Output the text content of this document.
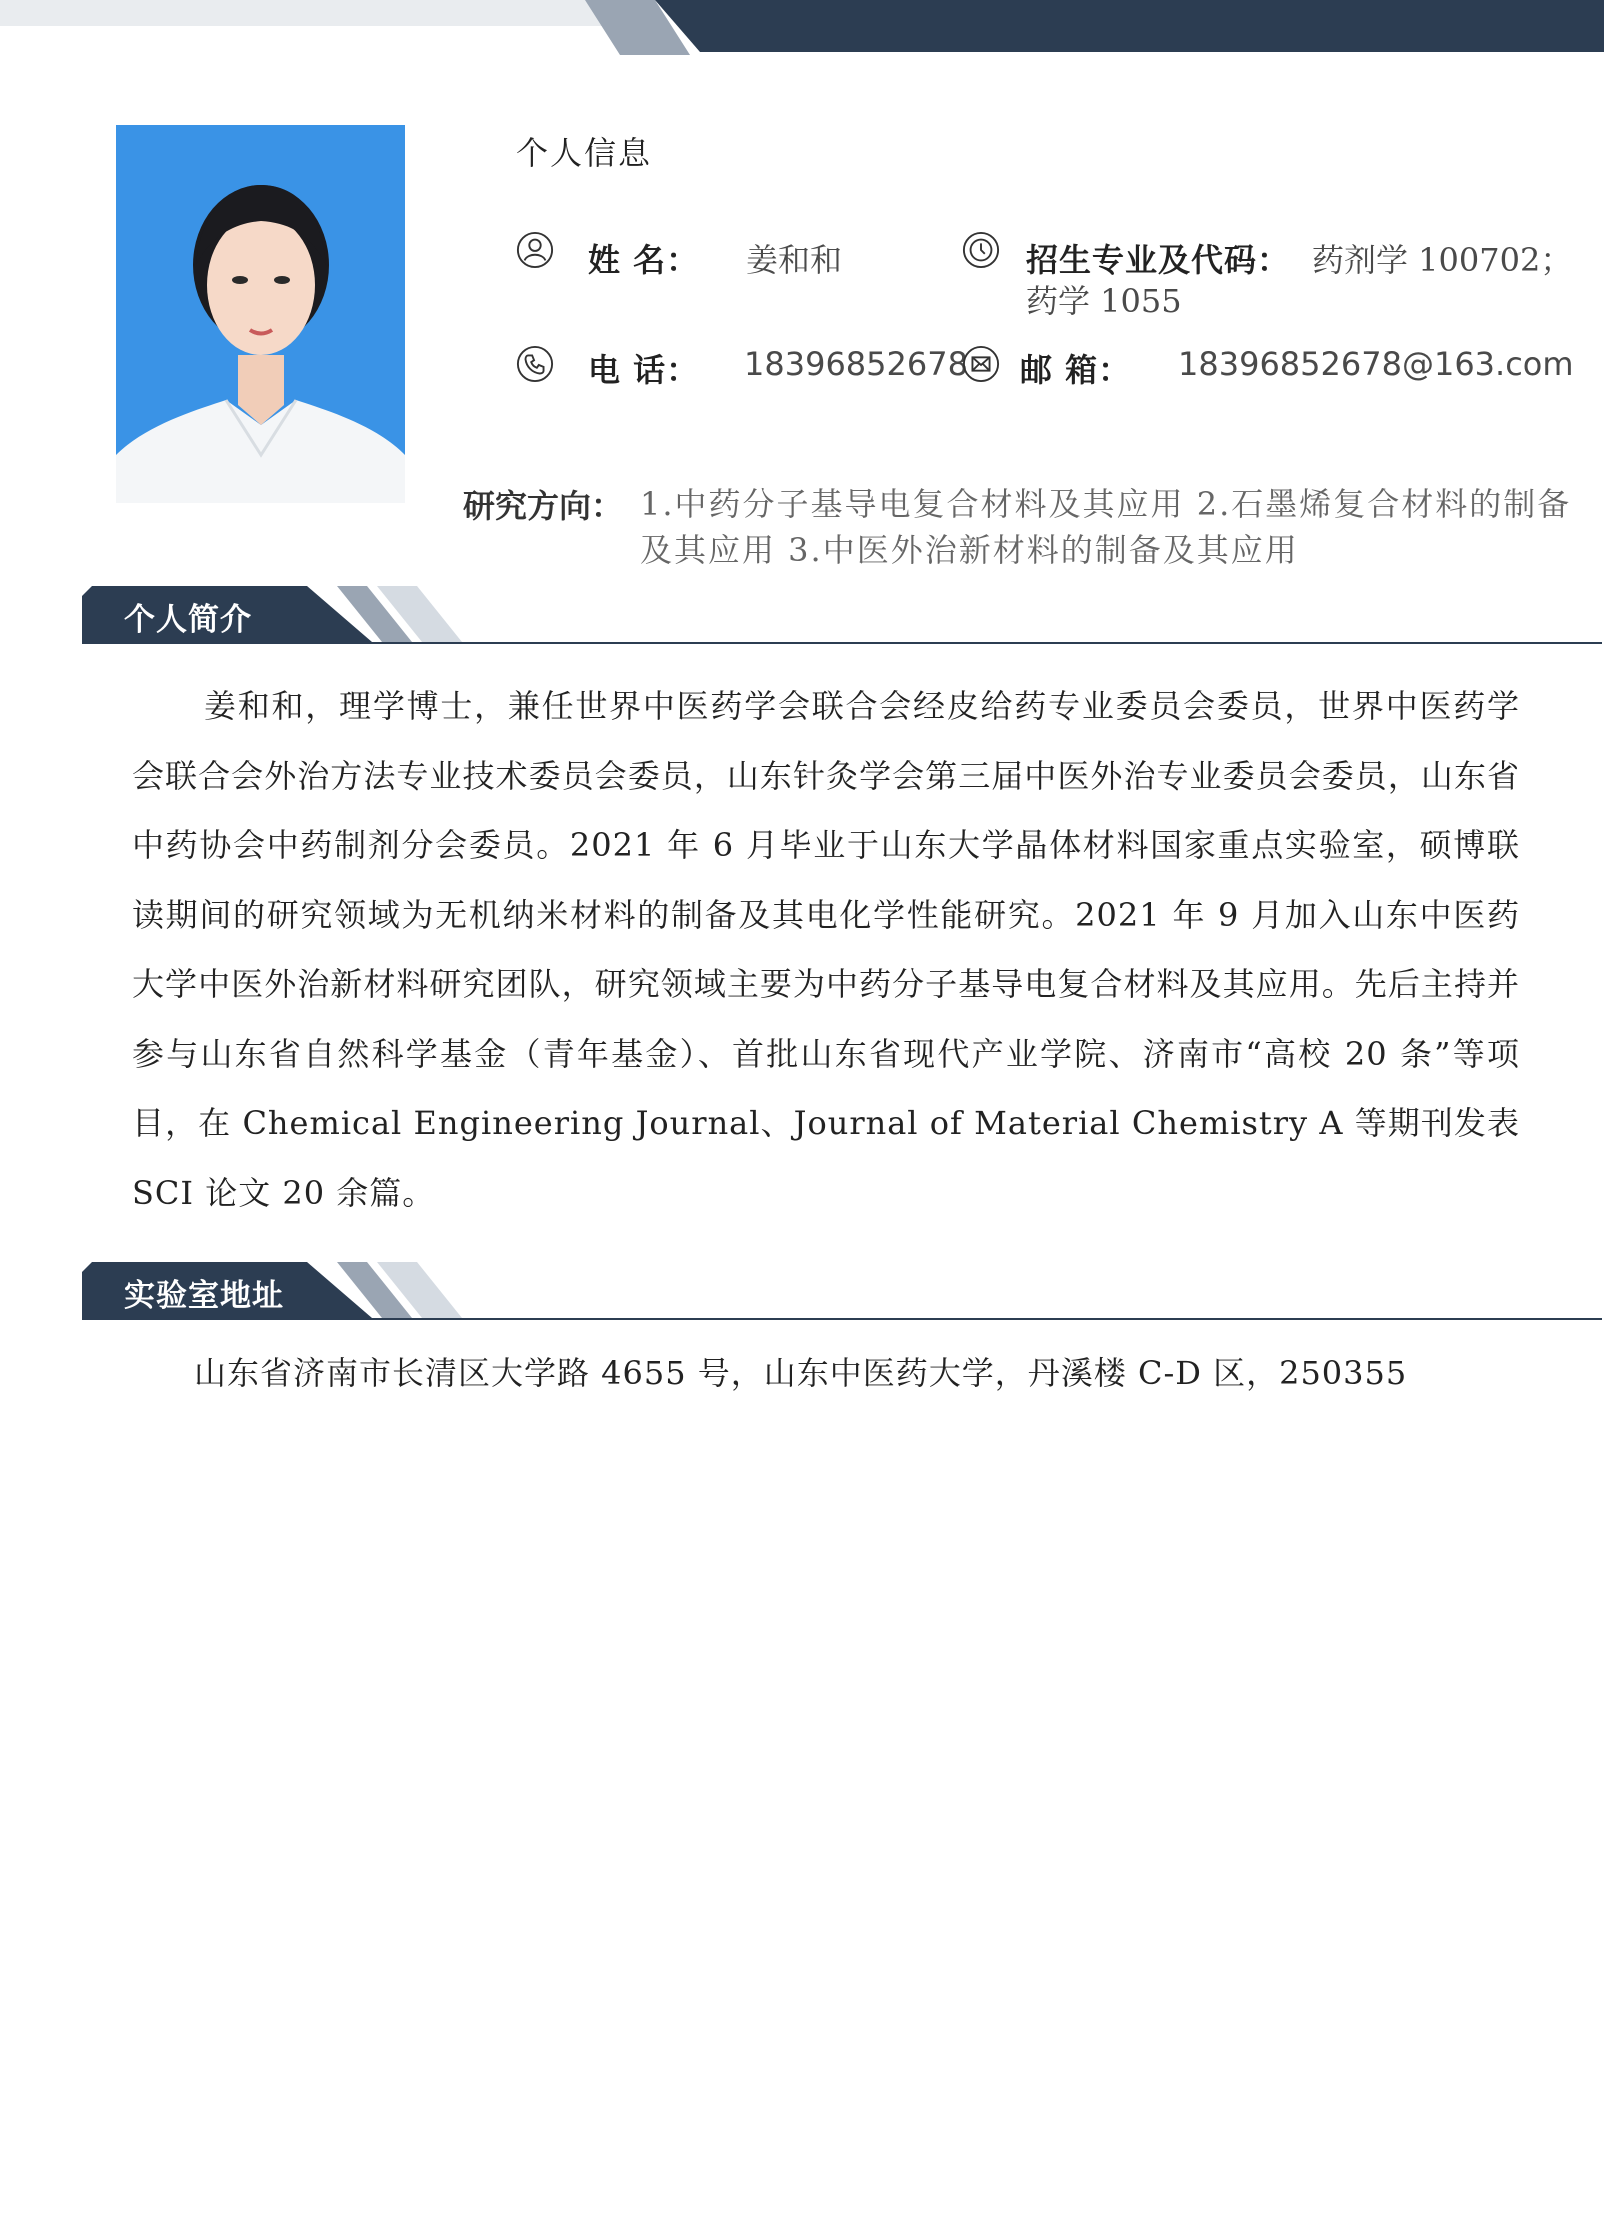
个人信息
姓 名： 姜和和	招生专业及代码： 药剂学 100702；
药学 1055
电 话： 18396852678 邮 箱： 18396852678@163.com
研究方向： 1.中药分子基导电复合材料及其应用 2.石墨烯复合材料的制备及其应用 3.中医外治新材料的制备及其应用
个人简介
姜和和，理学博士，兼任世界中医药学会联合会经皮给药专业委员会委员，世界中医药学会联合会外治方法专业技术委员会委员，山东针灸学会第三届中医外治专业委员会委员，山东省中药协会中药制剂分会委员。2021 年 6 月毕业于山东大学晶体材料国家重点实验室，硕博联读期间的研究领域为无机纳米材料的制备及其电化学性能研究。2021 年 9 月加入山东中医药大学中医外治新材料研究团队，研究领域主要为中药分子基导电复合材料及其应用。先后主持并参与山东省自然科学基金（青年基金）、首批山东省现代产业学院、济南市“高校 20 条”等项目，在 Chemical Engineering Journal、Journal of Material Chemistry A 等期刊发表 SCI 论文 20 余篇。
实验室地址
山东省济南市长清区大学路 4655 号，山东中医药大学，丹溪楼 C-D 区，250355
